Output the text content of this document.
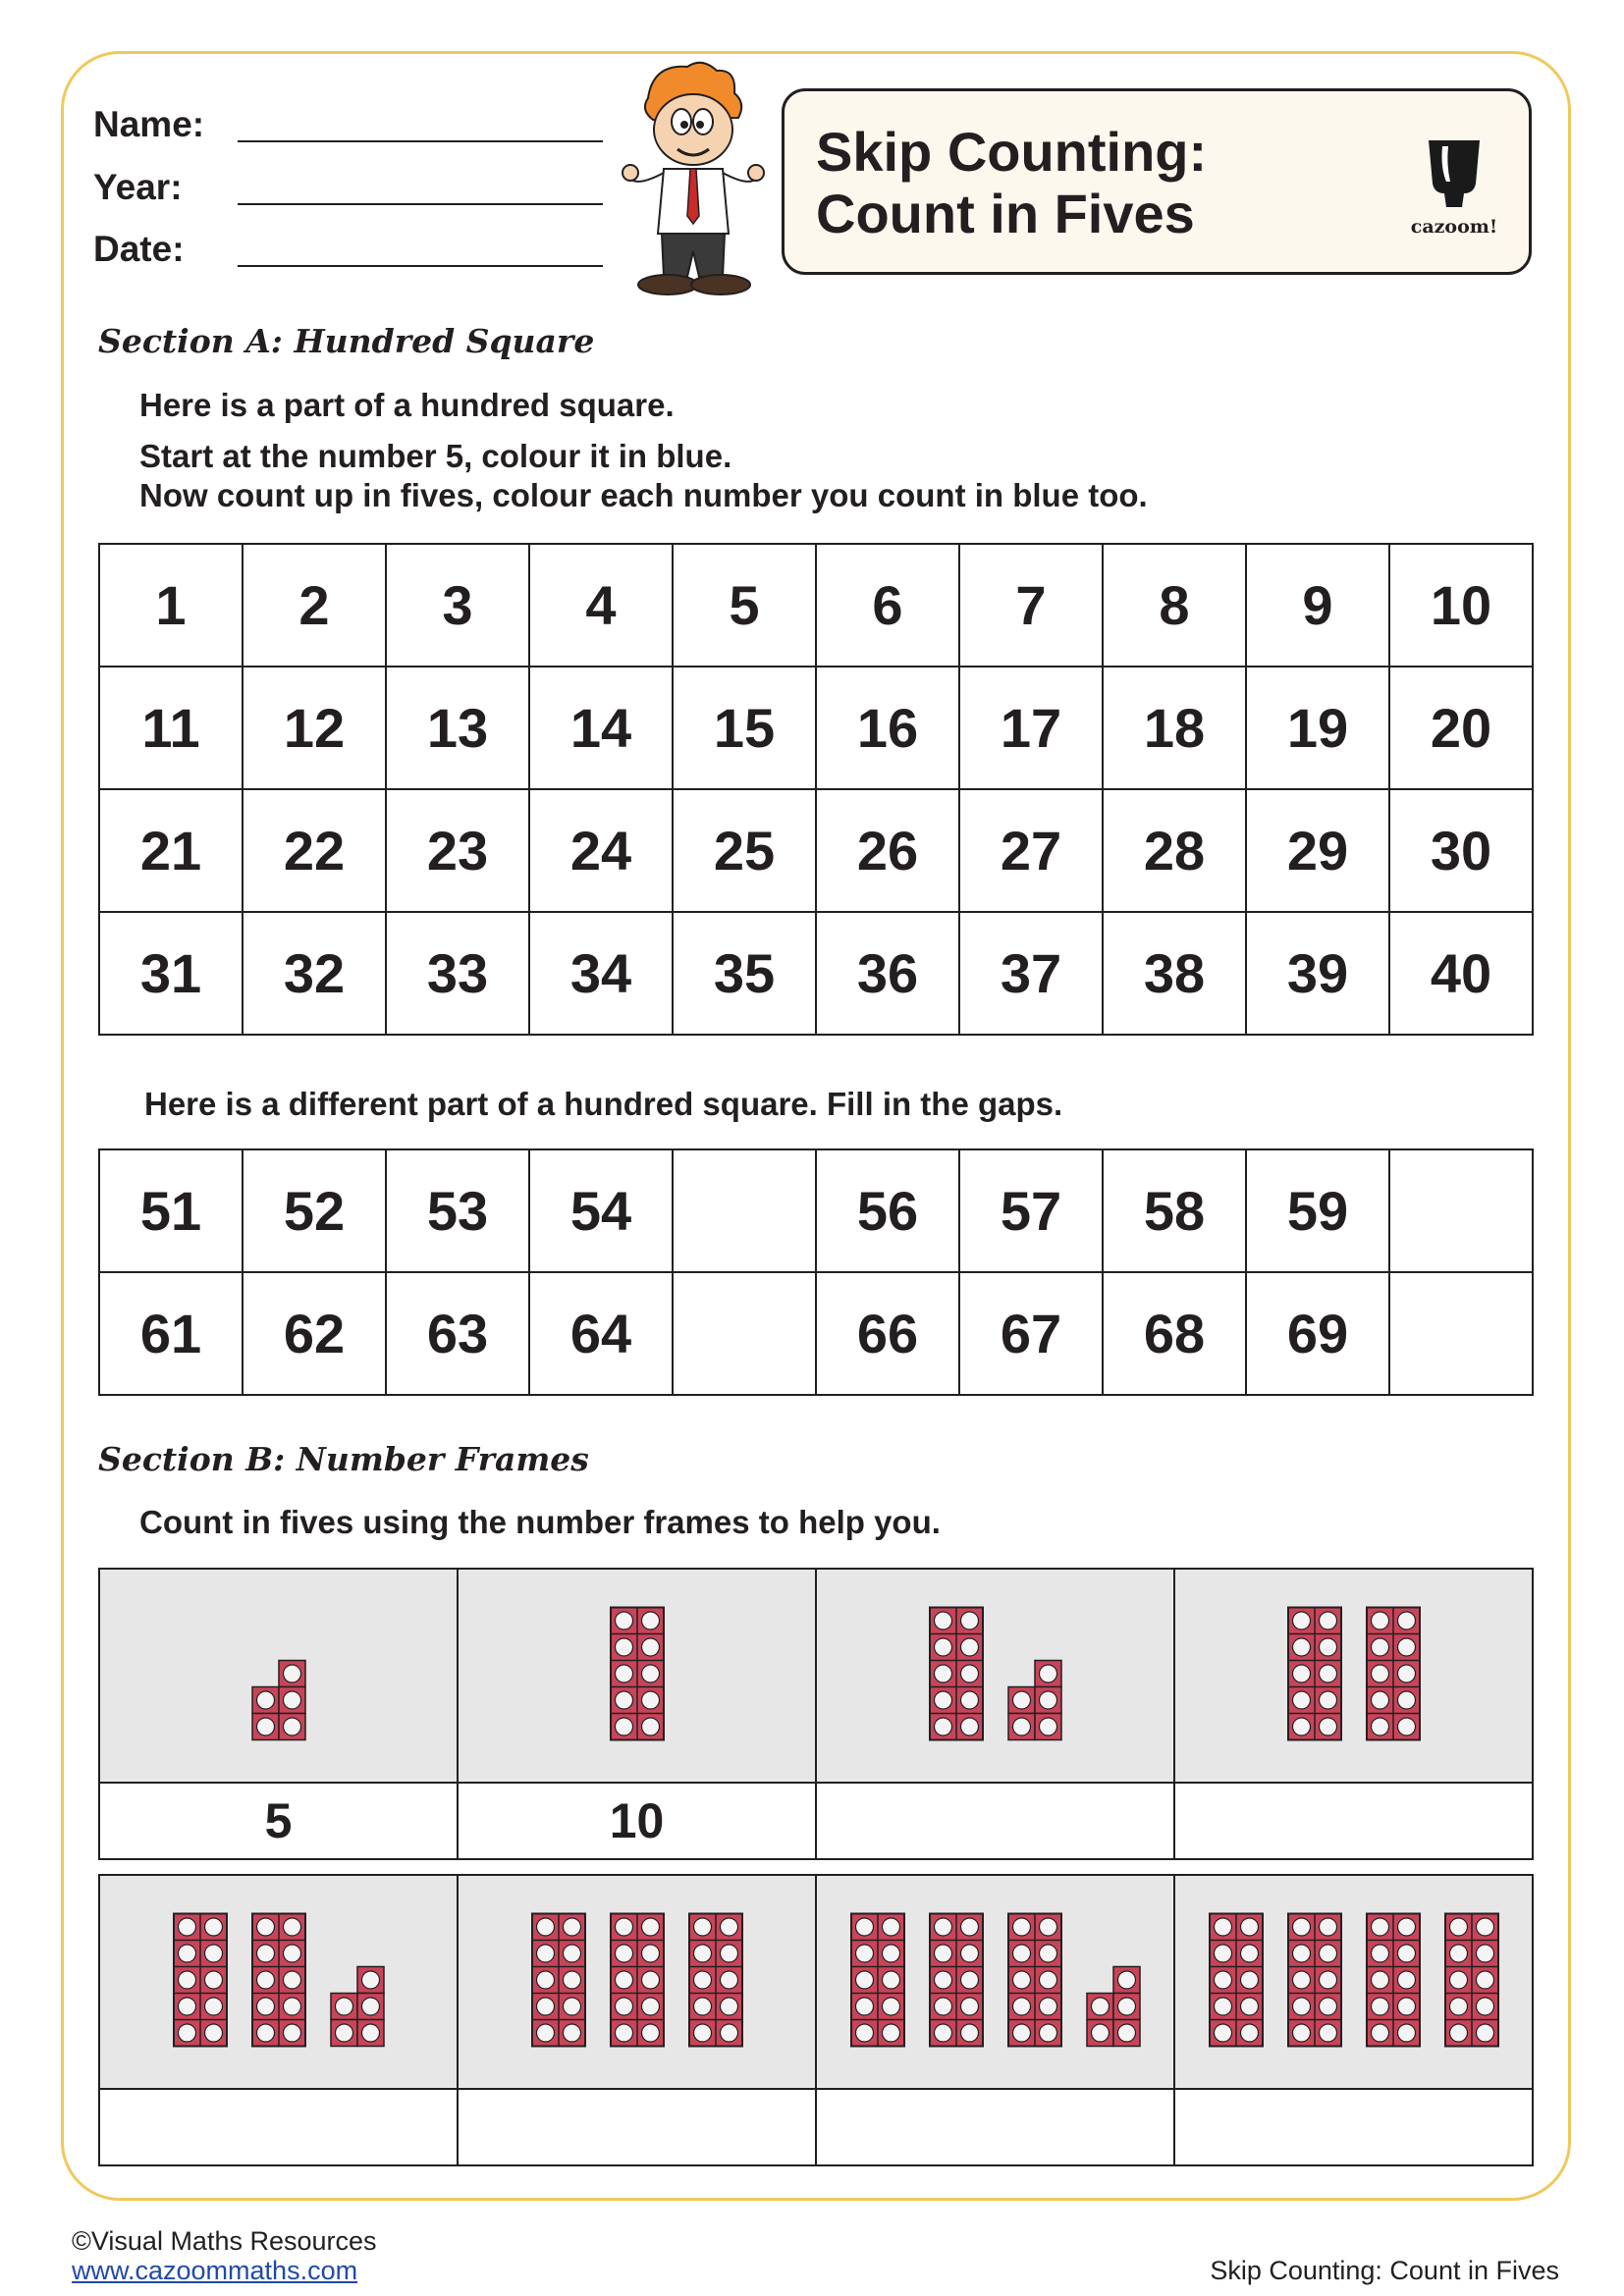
Name:
Year:
Date:
Skip Counting:
Count in Fives	cazoom!
Section A: Hundred Square
Here is a part of a hundred square.
Start at the number 5, colour it in blue.
Now count up in fives, colour each number you count in blue too.
1	2	3	4	5	6	7	8	9	10
11	12	13	14	15	16	17	18	19	20
21	22	23	24	25	26	27	28	29	30
31	32	33	34	35	36	37	38	39	40
Here is a different part of a hundred square. Fill in the gaps.
51	52	53	54		56	57	58	59	
61	62	63	64		66	67	68	69	
Section B: Number Frames
Count in fives using the number frames to help you.

5	10		

©Visual Maths Resources
www.cazoommaths.com	Skip Counting: Count in Fives
